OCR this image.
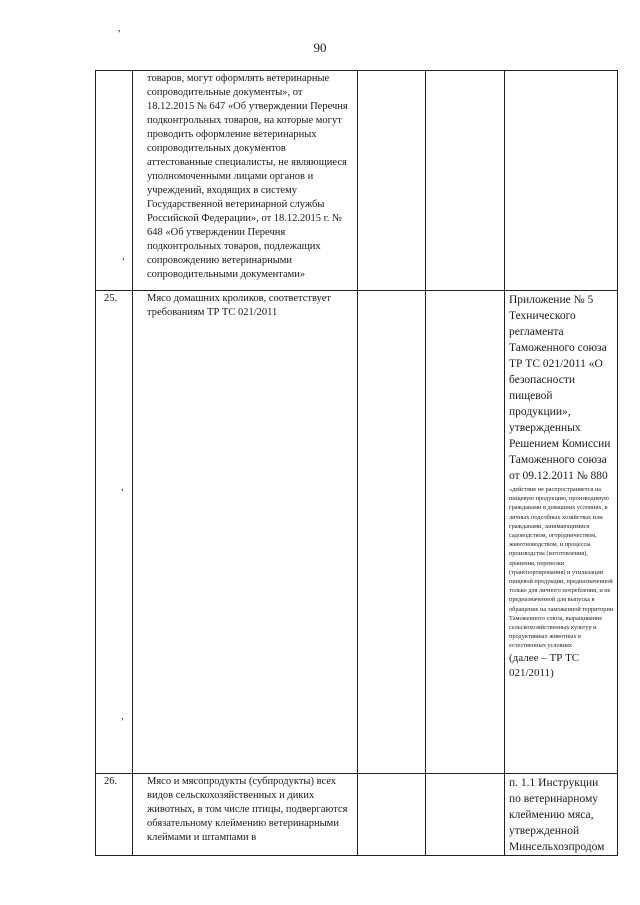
90
,
,
,
,

	товаров, могут оформлять ветеринарные сопроводительные документы», от 18.12.2015 № 647 «Об утверждении Перечня подконтрольных товаров, на которые могут проводить оформление ветеринарных сопроводительных документов аттестованные специалисты, не являющиеся уполномоченными лицами органов и учреждений, входящих в систему Государственной ветеринарной службы Российской Федерации», от 18.12.2015 г. № 648 «Об утверждении Перечня подконтрольных товаров, подлежащих сопровождению ветеринарными сопроводительными документами»			

25.	Мясо домашних кроликов, соответствует требованиям ТР ТС 021/2011			Приложение № 5 Технического регламента Таможенного союза ТР ТС 021/2011 «О безопасности пищевой продукции», утвержденных Решением Комиссии Таможенного союза от 09.12.2011 № 880
«действие не распространяется на пищевую продукцию, производимую гражданами в домашних условиях, в личных подсобных хозяйствах или гражданами, занимающимися садоводством, огородничеством, животноводством, и процессы производства (изготовления), хранения, перевозки (транспортирования) и утилизации пищевой продукции, предназначенной только для личного потребления, и не предназначенной для выпуска в обращение на таможенной территории Таможенного союза, выращивание сельскохозяйственных культур и продуктивных животных в естественных условиях
(далее – ТР ТС 021/2011)

26.	Мясо и мясопродукты (субпродукты) всех видов сельскохозяйственных и диких животных, в том числе птицы, подвергаются обязательному клеймению ветеринарными клеймами и штампами в			п. 1.1 Инструкции по ветеринарному клеймению мяса, утвержденной Минсельхозпродом
